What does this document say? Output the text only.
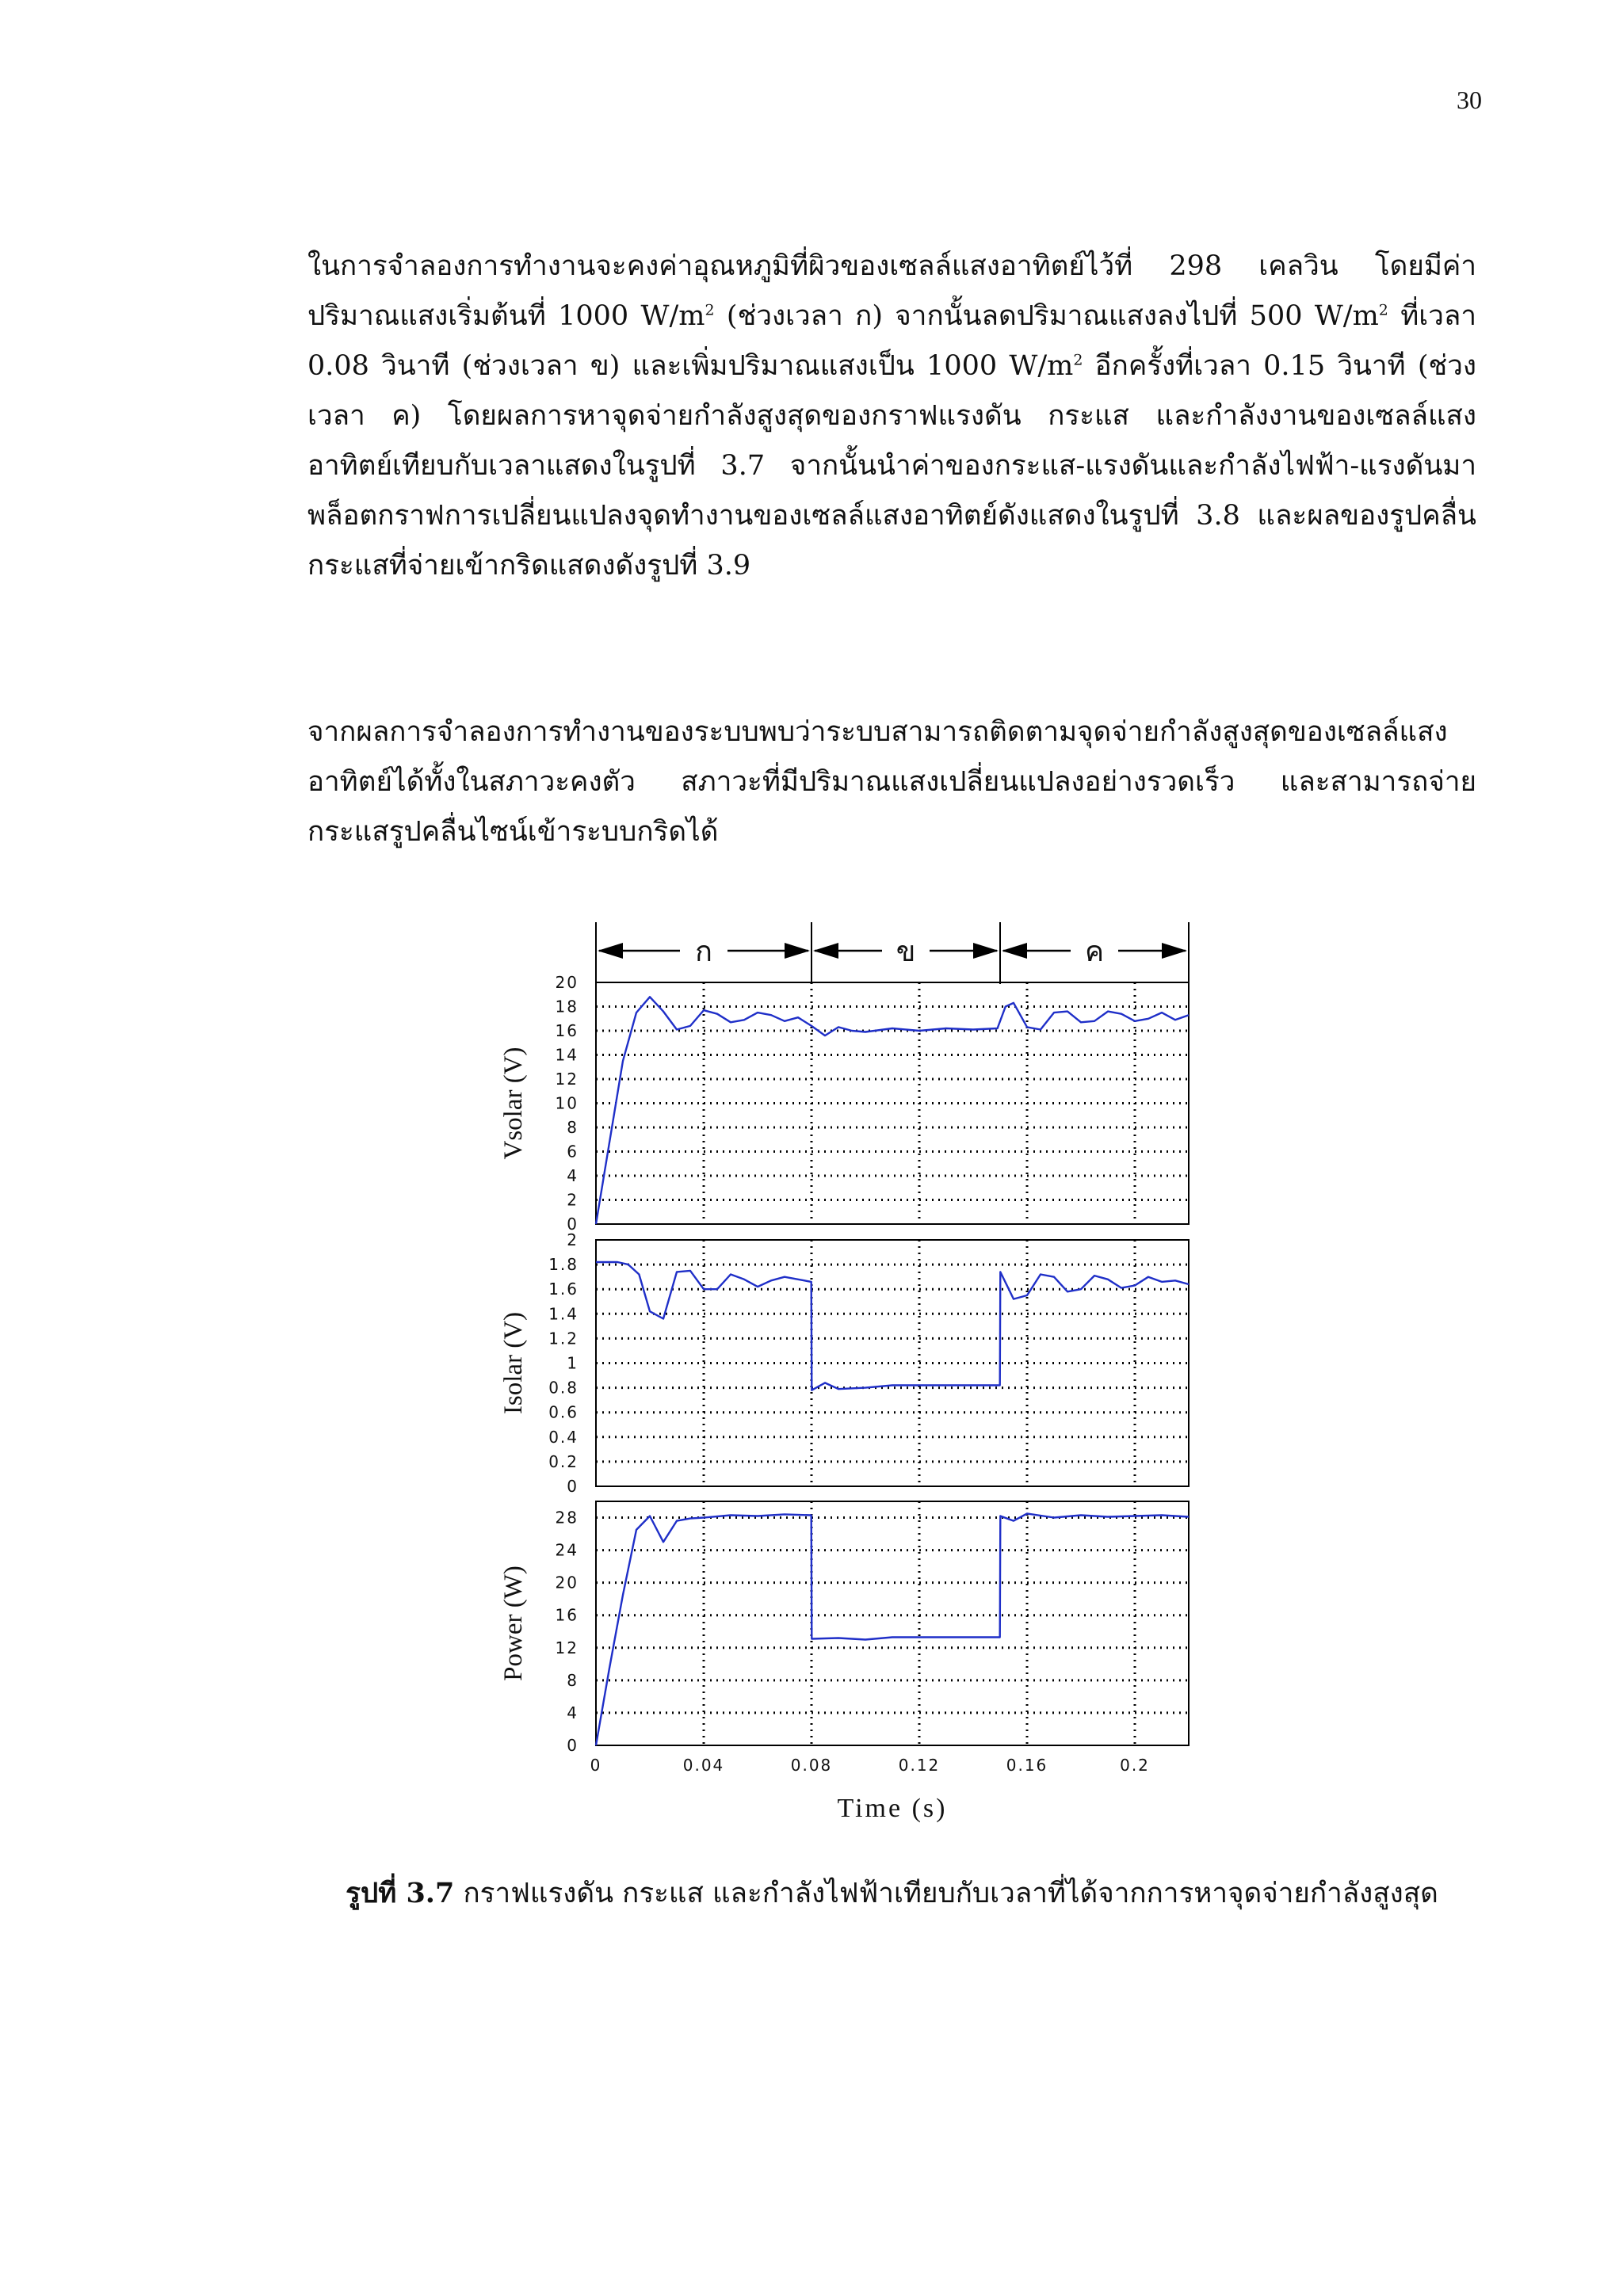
30

ในการจำลองการทำงานจะคงค่าอุณหภูมิที่ผิวของเซลล์แสงอาทิตย์ไว้ที่ 298 เคลวิน โดยมีค่าปริมาณแสงเริ่มต้นที่ 1000 $W/m^2$ (ช่วงเวลา ก) จากนั้นลดปริมาณแสงลงไปที่ 500 $W/m^2$ ที่เวลา 0.08 วินาที (ช่วงเวลา ข) และเพิ่มปริมาณแสงเป็น 1000 $W/m^2$ อีกครั้งที่เวลา 0.15 วินาที (ช่วงเวลา ค) โดยผลการหาจุดจ่ายกำลังสูงสุดของกราฟแรงดัน กระแส และกำลังงานของเซลล์แสงอาทิตย์เทียบกับเวลาแสดงในรูปที่ 3.7 จากนั้นนำค่าของกระแส-แรงดันและกำลังไฟฟ้า-แรงดันมาพล็อตกราฟการเปลี่ยนแปลงจุดทำงานของเซลล์แสงอาทิตย์ดังแสดงในรูปที่ 3.8 และผลของรูปคลื่นกระแสที่จ่ายเข้ากริดแสดงดังรูปที่ 3.9

จากผลการจำลองการทำงานของระบบพบว่าระบบสามารถติดตามจุดจ่ายกำลังสูงสุดของเซลล์แสงอาทิตย์ได้ทั้งในสภาวะคงตัว สภาวะที่มีปริมาณแสงเปลี่ยนแปลงอย่างรวดเร็ว และสามารถจ่ายกระแสรูปคลื่นไซน์เข้าระบบกริดได้

ก	ข	ค
0
2
4
6
8
10
12
14
16
18
20
Vsolar (V)
0
0.2
0.4
0.6
0.8
1
1.2
1.4
1.6
1.8
2
Isolar (V)
0
4
8
12
16
20
24
28
Power (W)
0	0.04	0.08	0.12	0.16	0.2
Time (s)

รูปที่ 3.7 กราฟแรงดัน กระแส และกำลังไฟฟ้าเทียบกับเวลาที่ได้จากการหาจุดจ่ายกำลังสูงสุด
